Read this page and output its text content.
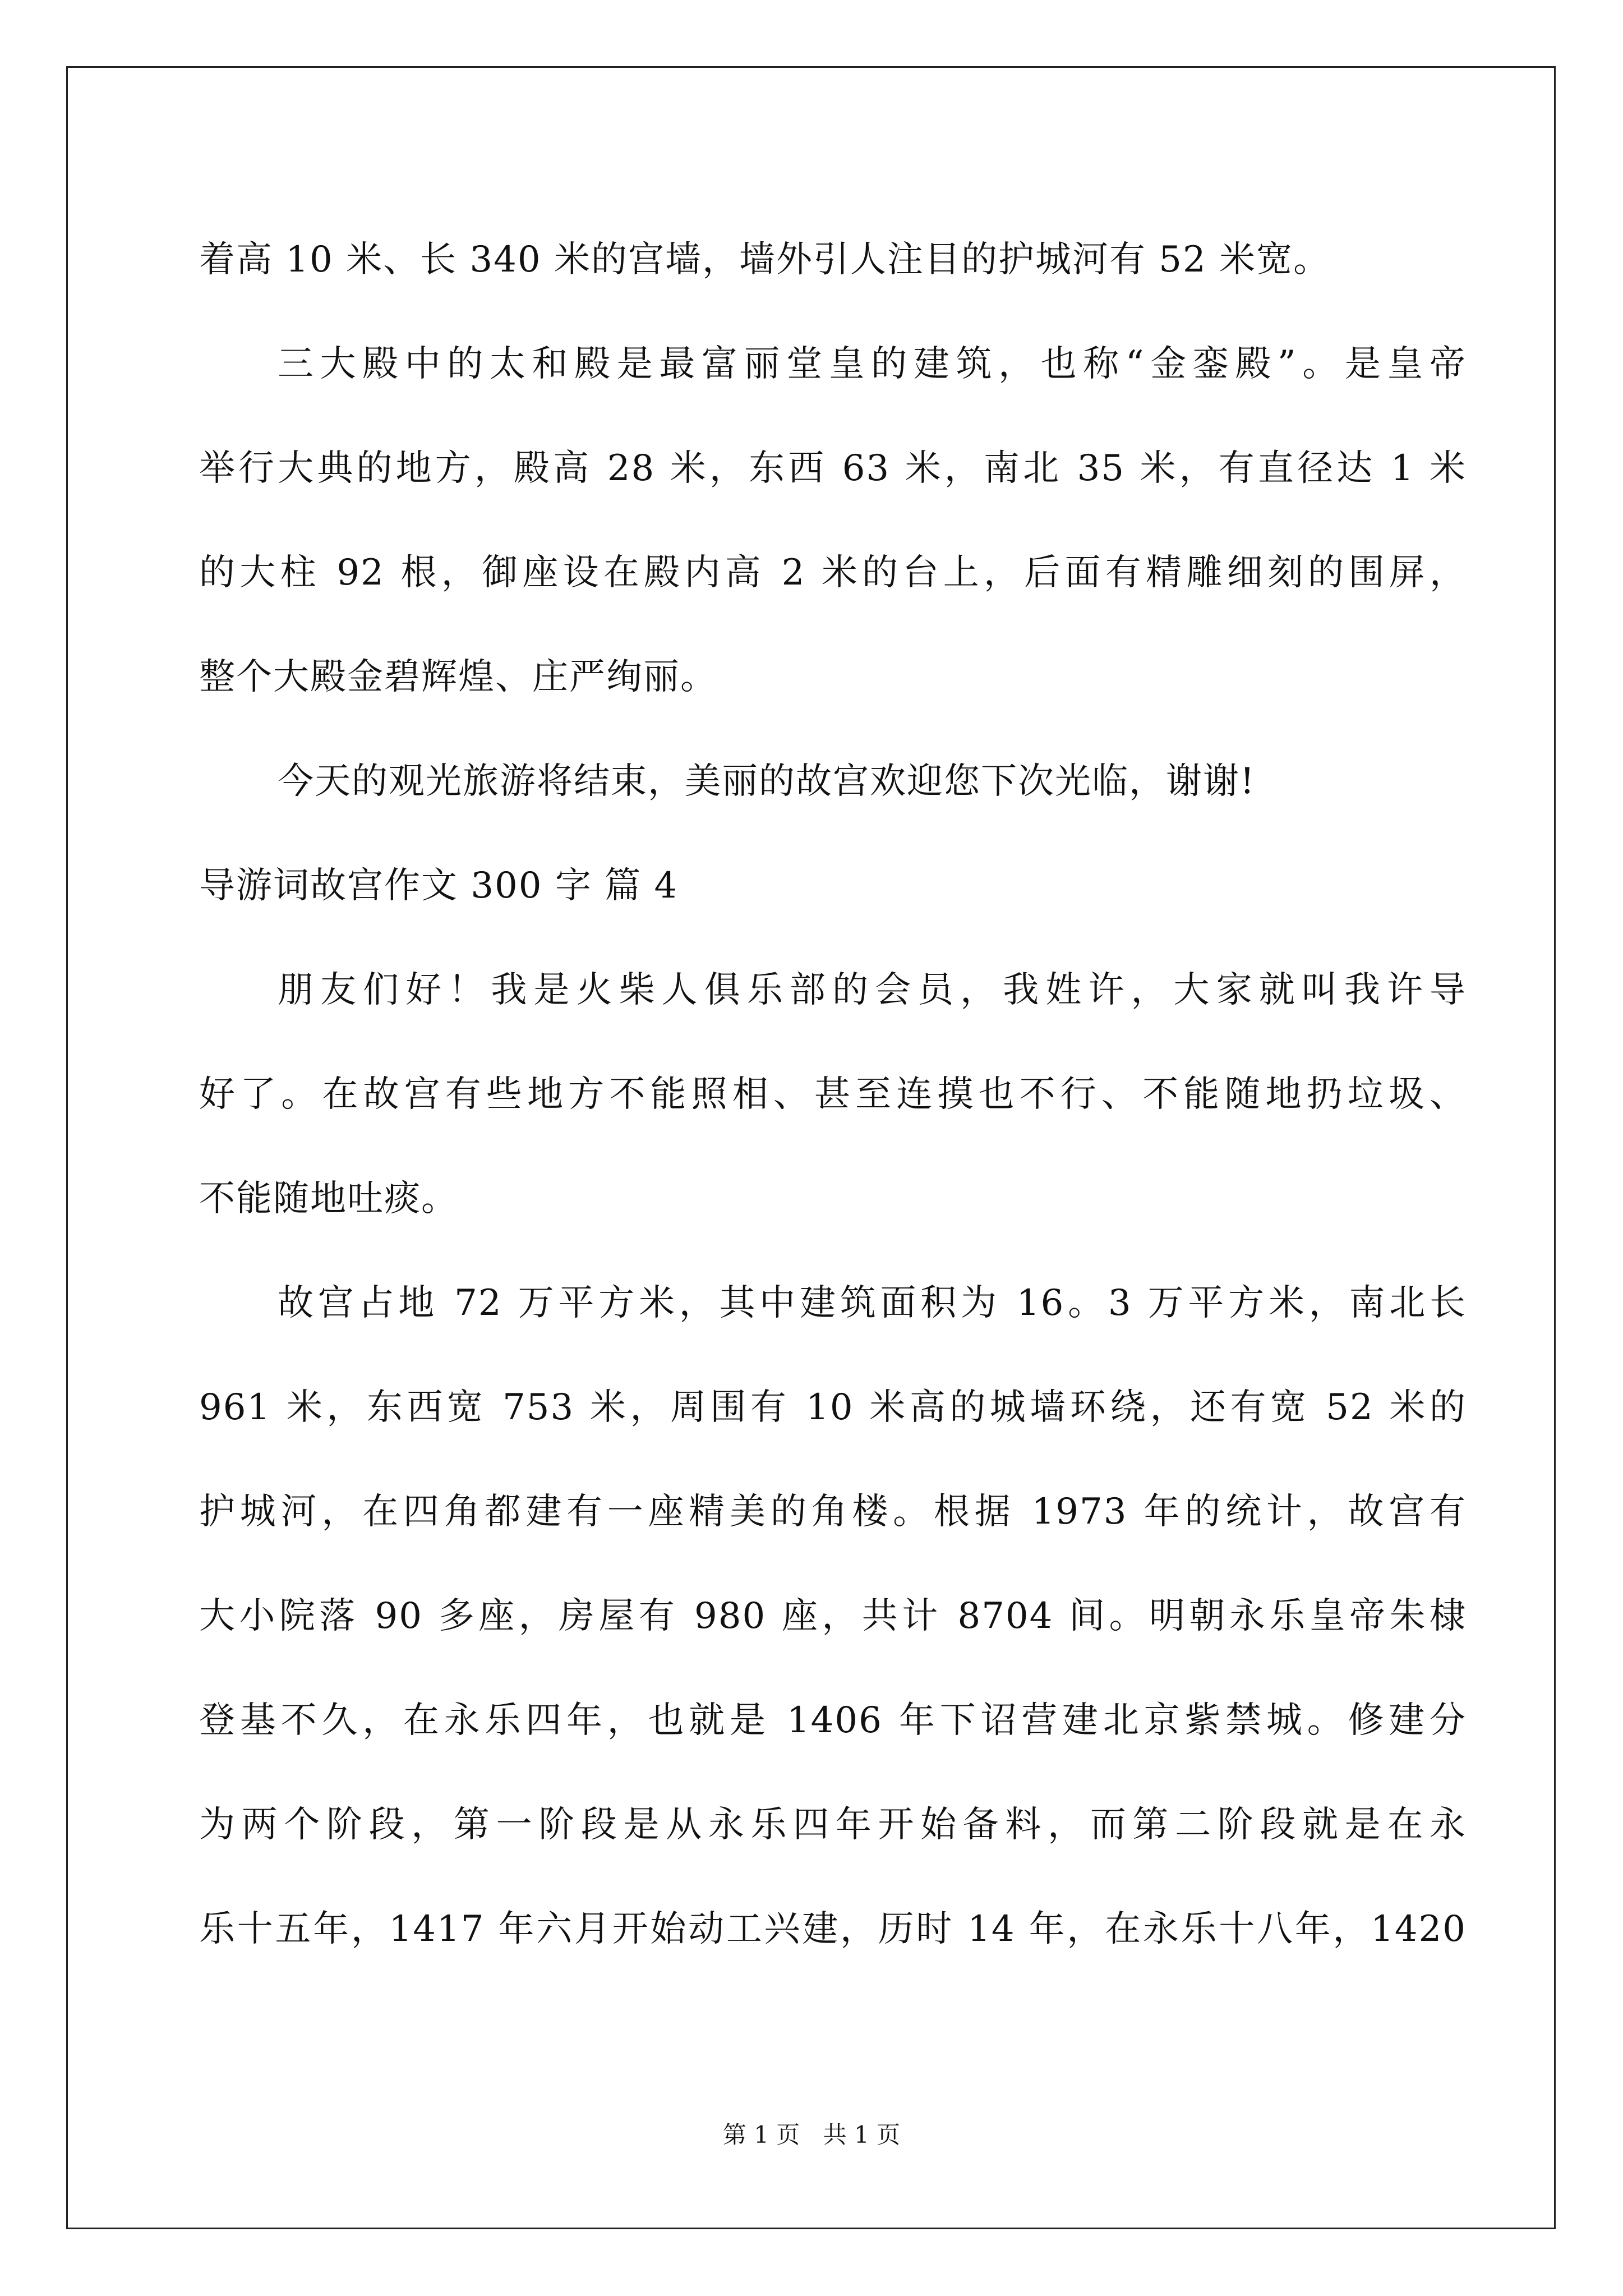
着高 10 米、长 340 米的宫墙，墙外引人注目的护城河有 52 米宽。
三大殿中的太和殿是最富丽堂皇的建筑，也称“金銮殿”。是皇帝
举行大典的地方，殿高 28 米，东西 63 米，南北 35 米，有直径达 1 米
的大柱 92 根，御座设在殿内高 2 米的台上，后面有精雕细刻的围屏，
整个大殿金碧辉煌、庄严绚丽。
今天的观光旅游将结束，美丽的故宫欢迎您下次光临，谢谢!
导游词故宫作文 300 字 篇 4
朋友们好！我是火柴人俱乐部的会员，我姓许，大家就叫我许导
好了。在故宫有些地方不能照相、甚至连摸也不行、不能随地扔垃圾、
不能随地吐痰。
故宫占地 72 万平方米，其中建筑面积为 16。3 万平方米，南北长
961 米，东西宽 753 米，周围有 10 米高的城墙环绕，还有宽 52 米的
护城河，在四角都建有一座精美的角楼。根据 1973 年的统计，故宫有
大小院落 90 多座，房屋有 980 座，共计 8704 间。明朝永乐皇帝朱棣
登基不久，在永乐四年，也就是 1406 年下诏营建北京紫禁城。修建分
为两个阶段，第一阶段是从永乐四年开始备料，而第二阶段就是在永
乐十五年，1417 年六月开始动工兴建，历时 14 年，在永乐十八年，1420
第 1 页 共 1 页
